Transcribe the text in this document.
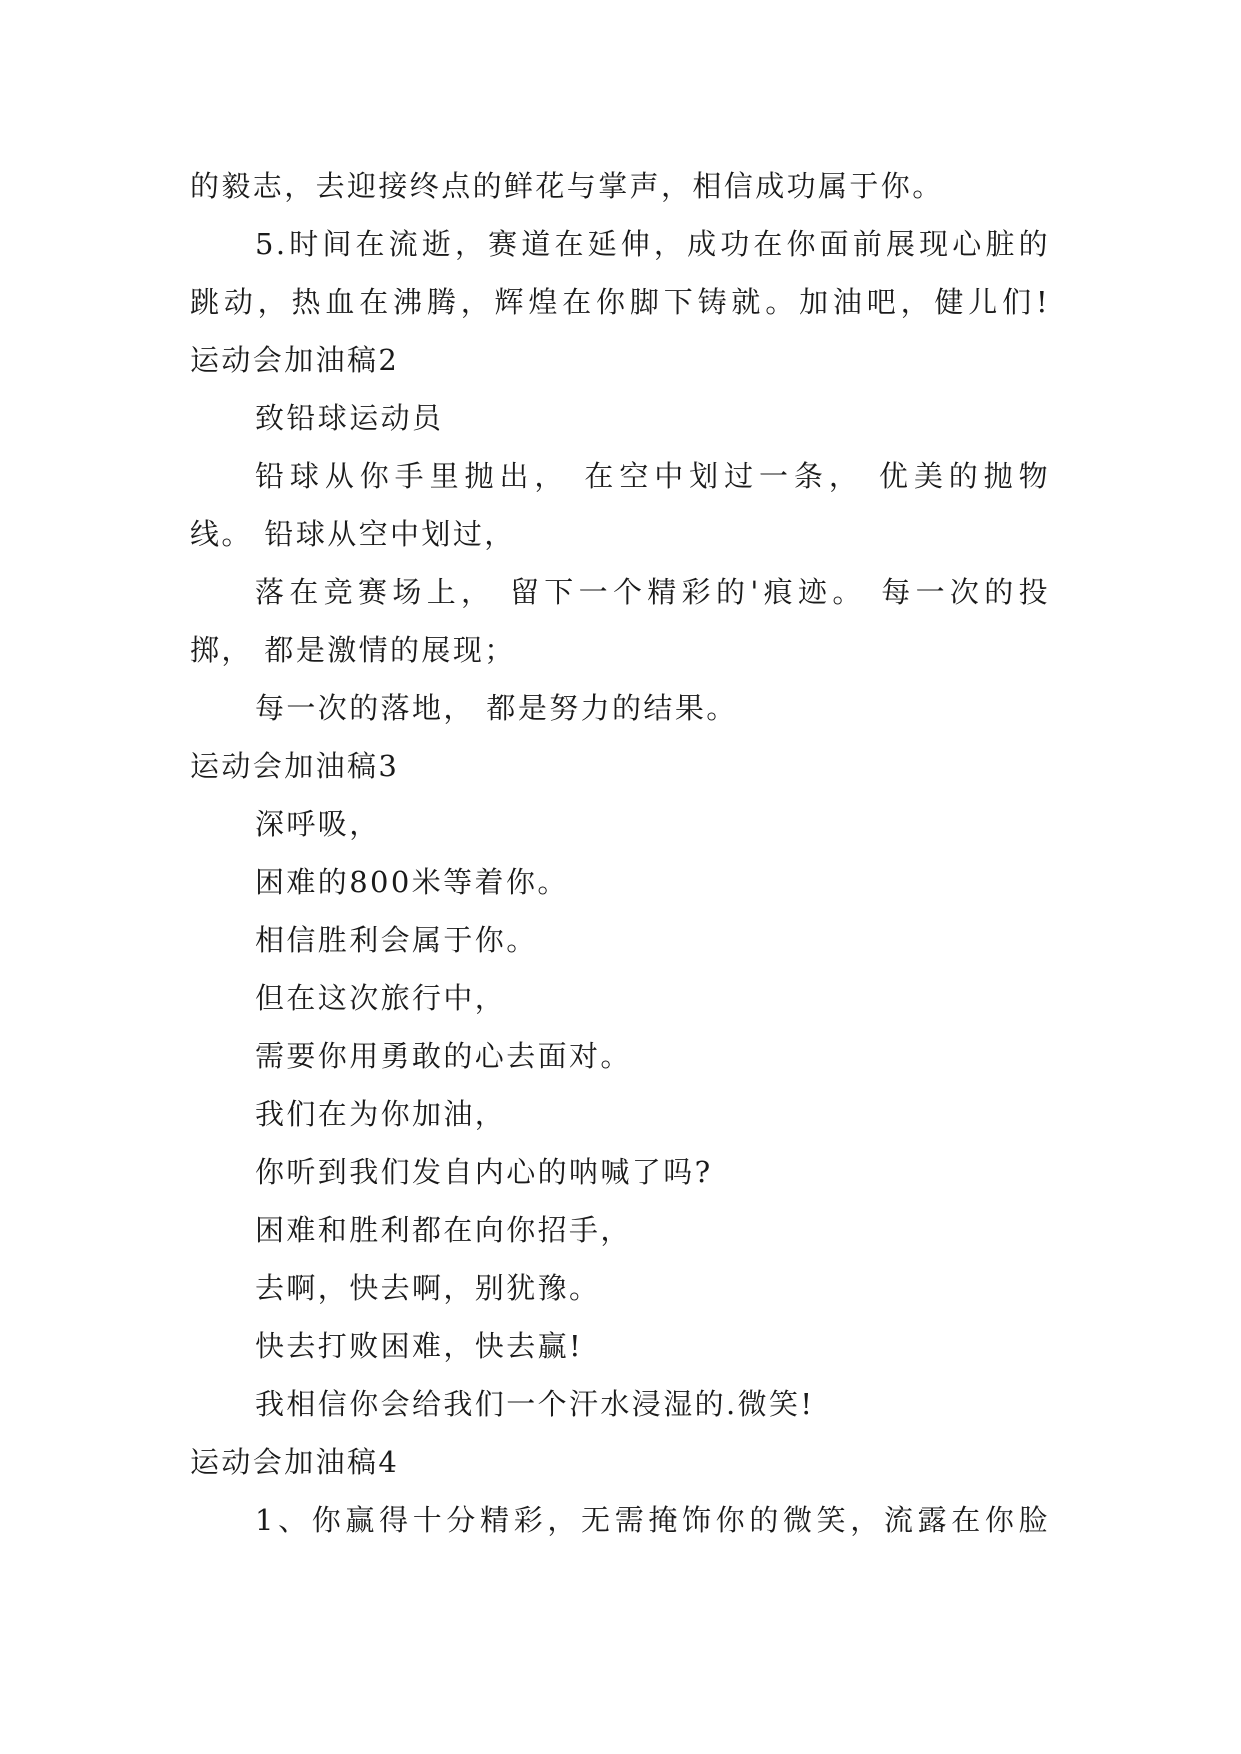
的毅志，去迎接终点的鲜花与掌声，相信成功属于你。
5.时间在流逝，赛道在延伸，成功在你面前展现心脏的
跳动，热血在沸腾，辉煌在你脚下铸就。加油吧，健儿们!
运动会加油稿2
致铅球运动员
铅球从你手里抛出， 在空中划过一条， 优美的抛物
线。 铅球从空中划过，
落在竞赛场上， 留下一个精彩的'痕迹。 每一次的投
掷， 都是激情的展现；
每一次的落地， 都是努力的结果。
运动会加油稿3
深呼吸，
困难的800米等着你。
相信胜利会属于你。
但在这次旅行中，
需要你用勇敢的心去面对。
我们在为你加油，
你听到我们发自内心的呐喊了吗?
困难和胜利都在向你招手，
去啊，快去啊，别犹豫。
快去打败困难，快去赢!
我相信你会给我们一个汗水浸湿的.微笑!
运动会加油稿4
1、你赢得十分精彩，无需掩饰你的微笑，流露在你脸
